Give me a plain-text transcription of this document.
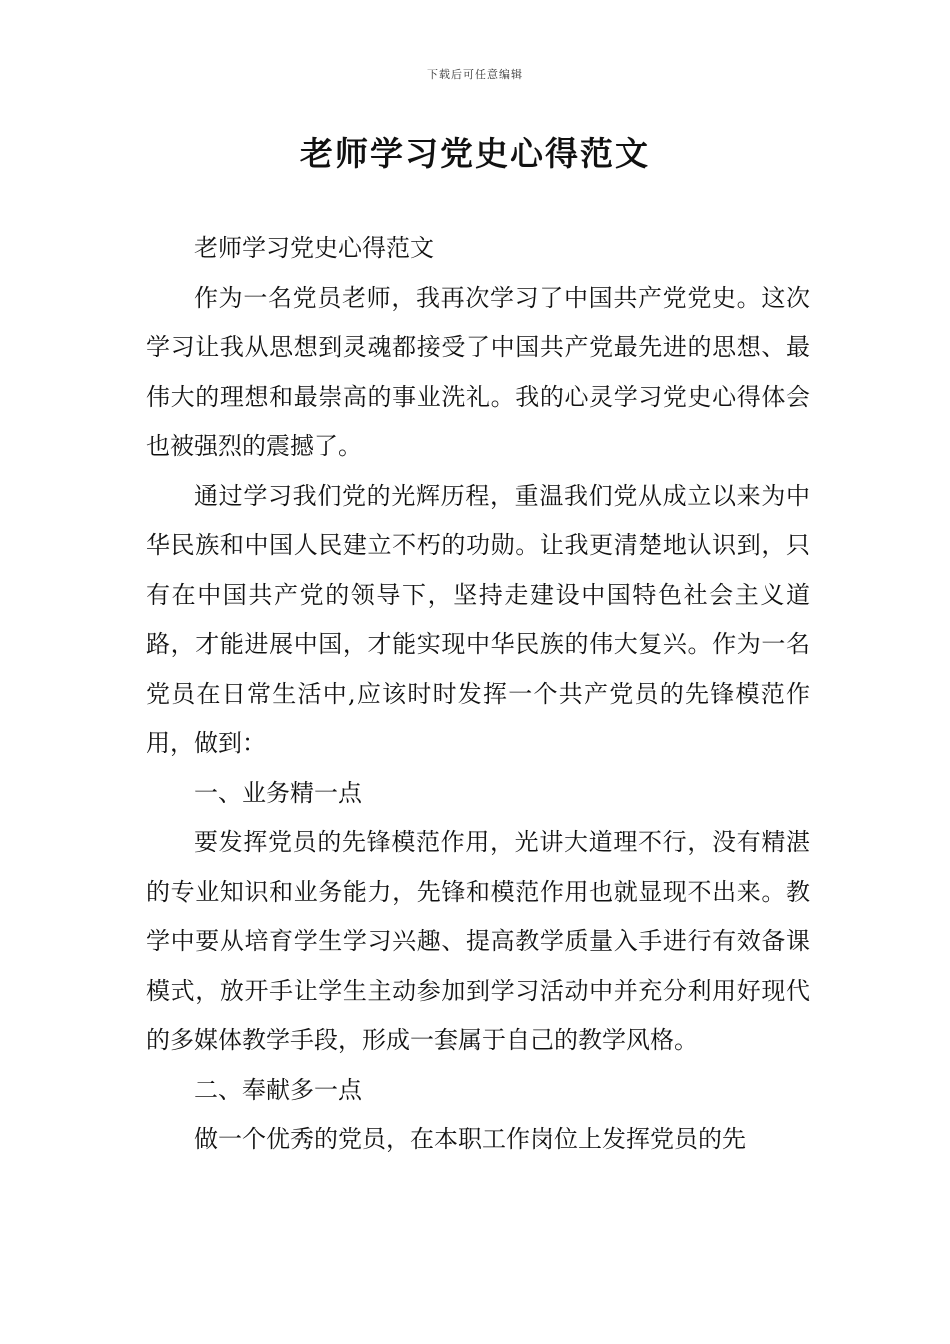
下载后可任意编辑
老师学习党史心得范文

老师学习党史心得范文

作为一名党员老师，我再次学习了中国共产党党史。这次学习让我从思想到灵魂都接受了中国共产党最先进的思想、最伟大的理想和最崇高的事业洗礼。我的心灵学习党史心得体会也被强烈的震撼了。

通过学习我们党的光辉历程，重温我们党从成立以来为中华民族和中国人民建立不朽的功勋。让我更清楚地认识到，只有在中国共产党的领导下，坚持走建设中国特色社会主义道路，才能进展中国，才能实现中华民族的伟大复兴。作为一名党员在日常生活中,应该时时发挥一个共产党员的先锋模范作用，做到：

一、业务精一点

要发挥党员的先锋模范作用，光讲大道理不行，没有精湛的专业知识和业务能力，先锋和模范作用也就显现不出来。教学中要从培育学生学习兴趣、提高教学质量入手进行有效备课模式，放开手让学生主动参加到学习活动中并充分利用好现代的多媒体教学手段，形成一套属于自己的教学风格。

二、奉献多一点

做一个优秀的党员，在本职工作岗位上发挥党员的先
